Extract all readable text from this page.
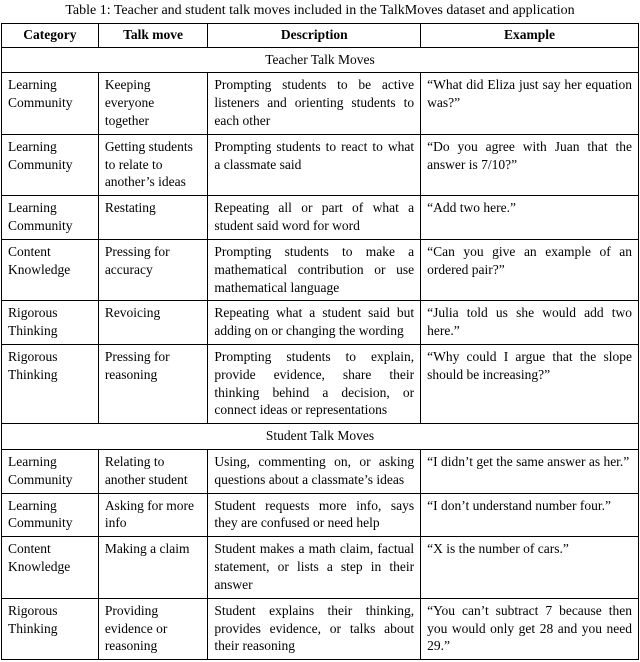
Table 1: Teacher and student talk moves included in the TalkMoves dataset and application
Category	Talk move	Description	Example
Teacher Talk Moves			
Learning Community	Keeping everyone together	Prompting students to be active listeners and orienting students to each other	“What did Eliza just say her equation was?”
Learning Community	Getting students to relate to another’s ideas	Prompting students to react to what a classmate said	“Do you agree with Juan that the answer is 7/10?”
Learning Community	Restating	Repeating all or part of what a student said word for word	“Add two here.”
Content Knowledge	Pressing for accuracy	Prompting students to make a mathematical contribution or use mathematical language	“Can you give an example of an ordered pair?”
Rigorous Thinking	Revoicing	Repeating what a student said but adding on or changing the wording	“Julia told us she would add two here.”
Rigorous Thinking	Pressing for reasoning	Prompting students to explain, provide evidence, share their thinking behind a decision, or connect ideas or representations	“Why could I argue that the slope should be increasing?”
Student Talk Moves			
Learning Community	Relating to another student	Using, commenting on, or asking questions about a classmate’s ideas	“I didn’t get the same answer as her.”
Learning Community	Asking for more info	Student requests more info, says they are confused or need help	“I don’t understand number four.”
Content Knowledge	Making a claim	Student makes a math claim, factual statement, or lists a step in their answer	“X is the number of cars.”
Rigorous Thinking	Providing evidence or reasoning	Student explains their thinking, provides evidence, or talks about their reasoning	“You can’t subtract 7 because then you would only get 28 and you need 29.”
